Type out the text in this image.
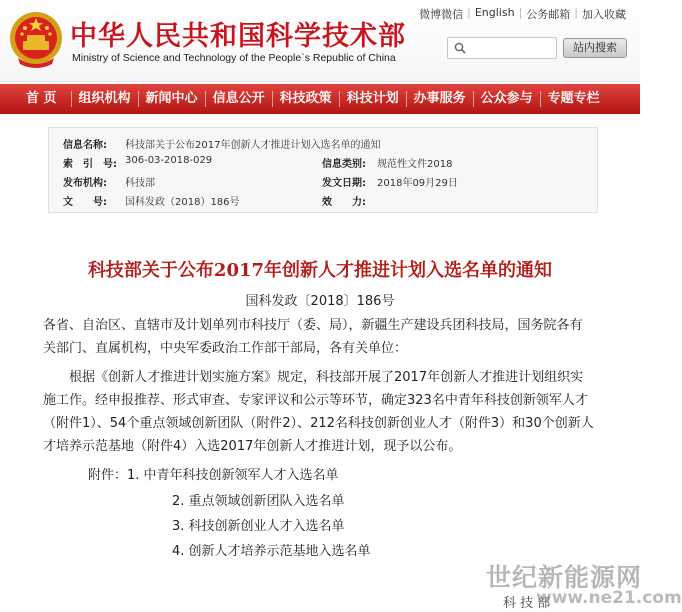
中华人民共和国科学技术部
Ministry of Science and Technology of the People`s Republic of China
微博微信 | English | 公务邮箱 | 加入收藏
站内搜索
首 页	组织机构	新闻中心	信息公开	科技政策	科技计划	办事服务	公众参与	专题专栏
信息名称: 科技部关于公布2017年创新人才推进计划入选名单的通知
索　引　号: 306-03-2018-029	信息类别: 规范性文件2018
发布机构: 科技部	发文日期: 2018年09月29日
文　　号: 国科发政（2018）186号	效　　力:
科技部关于公布2017年创新人才推进计划入选名单的通知
国科发政〔2018〕186号
各省、自治区、直辖市及计划单列市科技厅（委、局），新疆生产建设兵团科技局，国务院各有
关部门、直属机构，中央军委政治工作部干部局，各有关单位：
　　根据《创新人才推进计划实施方案》规定，科技部开展了2017年创新人才推进计划组织实
施工作。经申报推荐、形式审查、专家评议和公示等环节，确定323名中青年科技创新领军人才
（附件1）、54个重点领域创新团队（附件2）、212名科技创新创业人才（附件3）和30个创新人
才培养示范基地（附件4）入选2017年创新人才推进计划，现予以公布。
附件：1. 中青年科技创新领军人才入选名单
2. 重点领域创新团队入选名单
3. 科技创新创业人才入选名单
4. 创新人才培养示范基地入选名单
科 技 部
世纪新能源网
www.ne21.com
